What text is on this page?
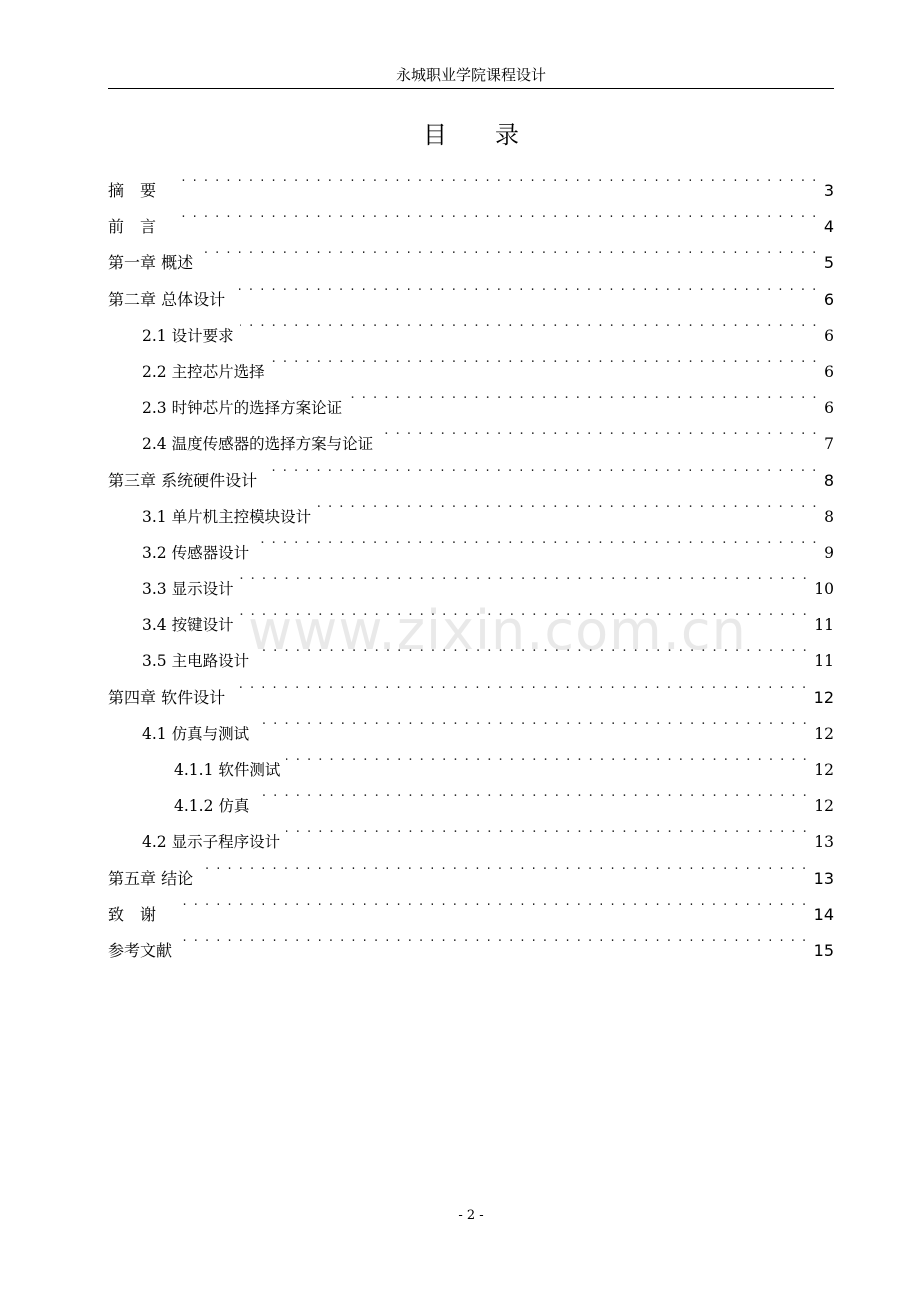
永城职业学院课程设计
目录
摘要 . . .	3
前言 . . .	4
第一章 概述 . . .	5
第二章 总体设计 . . .	6
2.1 设计要求 . . .	6
2.2 主控芯片选择 . . .	6
2.3 时钟芯片的选择方案论证 . . .	6
2.4 温度传感器的选择方案与论证 . . .	7
第三章 系统硬件设计 . . .	8
3.1 单片机主控模块设计 . . .	8
3.2 传感器设计 . . .	9
3.3 显示设计 . . .	10
3.4 按键设计 . . .	11
3.5 主电路设计 . . .	11
第四章 软件设计 . . .	12
4.1 仿真与测试 . . .	12
4.1.1 软件测试 . . .	12
4.1.2 仿真 . . .	12
4.2 显示子程序设计 . . .	13
第五章 结论 . . .	13
致谢 . . .	14
参考文献 . . .	15
www.zixin.com.cn
- 2 -
